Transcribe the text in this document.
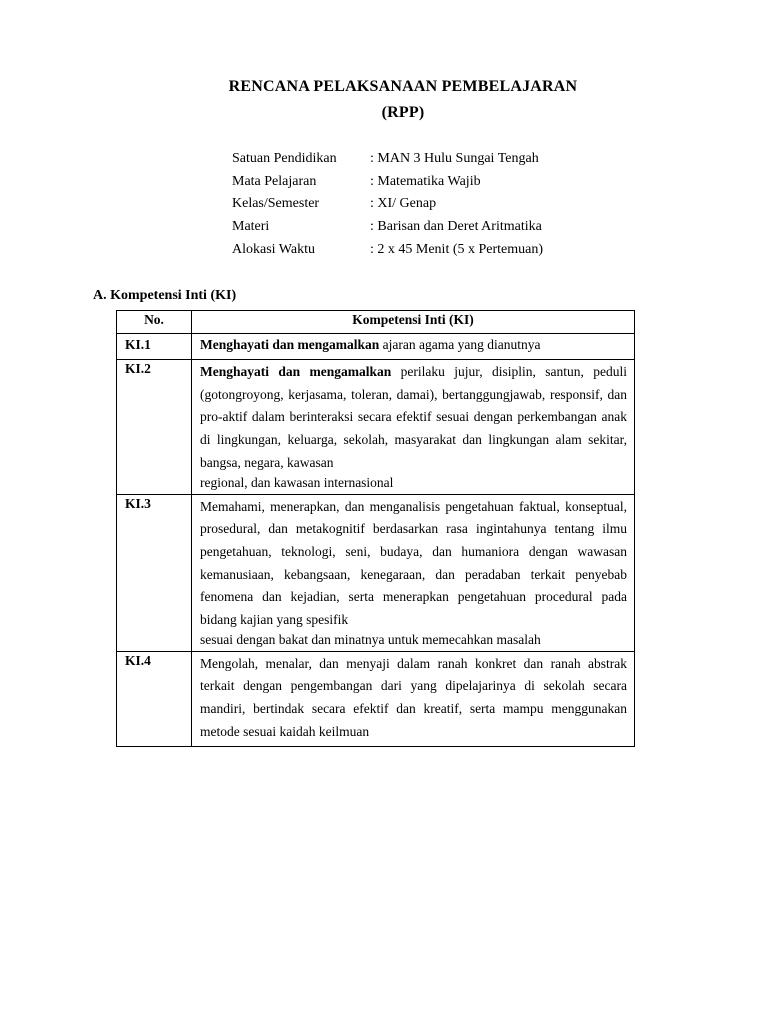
RENCANA PELAKSANAAN PEMBELAJARAN
(RPP)
Satuan Pendidikan	: MAN 3 Hulu Sungai Tengah
Mata Pelajaran	: Matematika Wajib
Kelas/Semester	: XI/ Genap
Materi	: Barisan dan Deret Aritmatika
Alokasi Waktu	: 2 x 45 Menit (5 x Pertemuan)
A. Kompetensi Inti (KI)
No.	Kompetensi Inti (KI)
KI.1	Menghayati dan mengamalkan ajaran agama yang dianutnya
KI.2	Menghayati dan mengamalkan perilaku jujur, disiplin, santun, peduli (gotongroyong, kerjasama, toleran, damai), bertanggungjawab, responsif, dan pro-aktif dalam berinteraksi secara efektif sesuai dengan perkembangan anak di lingkungan, keluarga, sekolah, masyarakat dan lingkungan alam sekitar, bangsa, negara, kawasan
regional, dan kawasan internasional

KI.3	Memahami, menerapkan, dan menganalisis pengetahuan faktual, konseptual, prosedural, dan metakognitif berdasarkan rasa ingintahunya tentang ilmu pengetahuan, teknologi, seni, budaya, dan humaniora dengan wawasan kemanusiaan, kebangsaan, kenegaraan, dan peradaban terkait penyebab fenomena dan kejadian, serta menerapkan pengetahuan procedural pada bidang kajian yang spesifik
sesuai dengan bakat dan minatnya untuk memecahkan masalah

KI.4	Mengolah, menalar, dan menyaji dalam ranah konkret dan ranah abstrak terkait dengan pengembangan dari yang dipelajarinya di sekolah secara mandiri, bertindak secara efektif dan kreatif, serta mampu menggunakan metode sesuai kaidah keilmuan
